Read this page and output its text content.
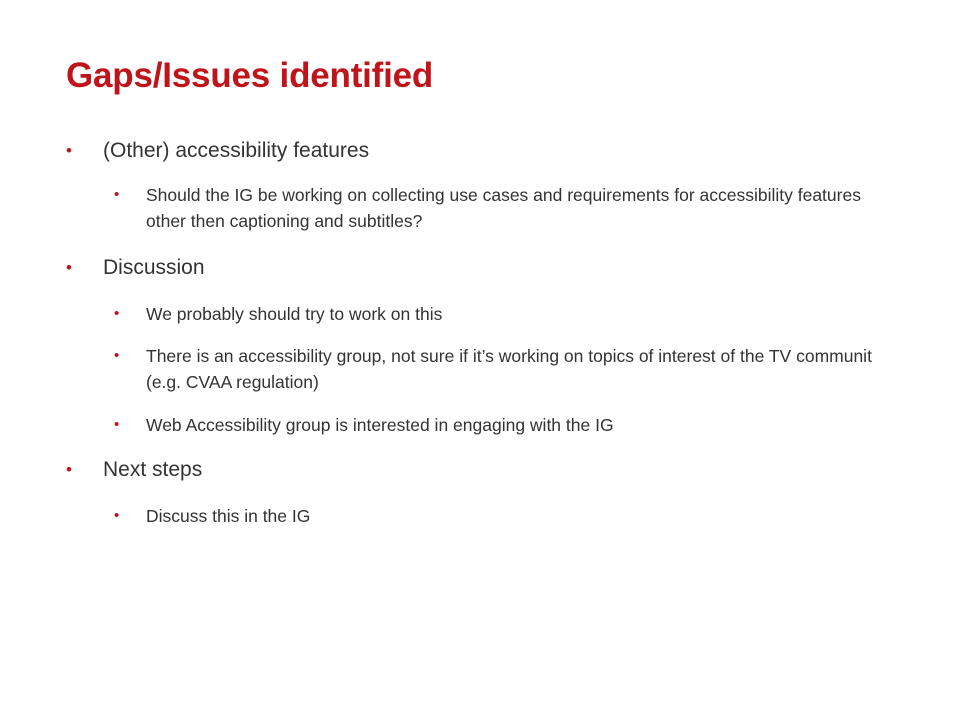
Gaps/Issues identified
• (Other) accessibility features
• Should the IG be working on collecting use cases and requirements for accessibility features other then captioning and subtitles?
• Discussion
• We probably should try to work on this
• There is an accessibility group, not sure if it’s working on topics of interest of the TV communit (e.g. CVAA regulation)
• Web Accessibility group is interested in engaging with the IG
• Next steps
• Discuss this in the IG
